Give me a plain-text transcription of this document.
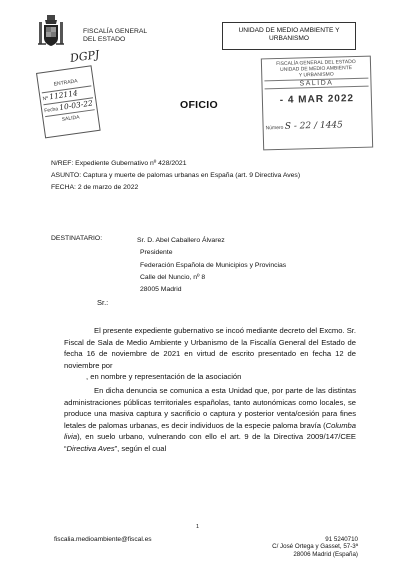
FISCALÍA GENERAL
DEL ESTADO
UNIDAD DE MEDIO AMBIENTE Y
URBANISMO
DGPJ
ENTRADA
Nº 112114
Fecha 10-03-22
SALIDA
FISCALÍA GENERAL DEL ESTADO
UNIDAD DE MEDIO AMBIENTE
Y URBANISMO
SALIDA
- 4 MAR 2022
Número S - 22 / 1445
OFICIO
N/REF: Expediente Gubernativo nº 428/2021
ASUNTO: Captura y muerte de palomas urbanas en España (art. 9 Directiva Aves)
FECHA: 2 de marzo de 2022
DESTINATARIO:	Sr. D. Abel Caballero Álvarez
Presidente
Federación Española de Municipios y Provincias
Calle del Nuncio, nº 8
28005 Madrid
Sr.:

El presente expediente gubernativo se incoó mediante decreto del Excmo. Sr. Fiscal de Sala de Medio Ambiente y Urbanismo de la Fiscalía General del Estado de fecha 16 de noviembre de 2021 en virtud de escrito presentado en fecha 12 de noviembre por

, en nombre y representación de la asociación

En dicha denuncia se comunica a esta Unidad que, por parte de las distintas administraciones públicas territoriales españolas, tanto autonómicas como locales, se produce una masiva captura y sacrificio o captura y posterior venta/cesión para fines letales de palomas urbanas, es decir individuos de la especie paloma bravía (Columba livia), en suelo urbano, vulnerando con ello el art. 9 de la Directiva 2009/147/CEE “Directiva Aves”, según el cual

1
fiscalia.medioambiente@fiscal.es	91 5240710
C/ José Ortega y Gasset, 57-3ª
28006 Madrid (España)
